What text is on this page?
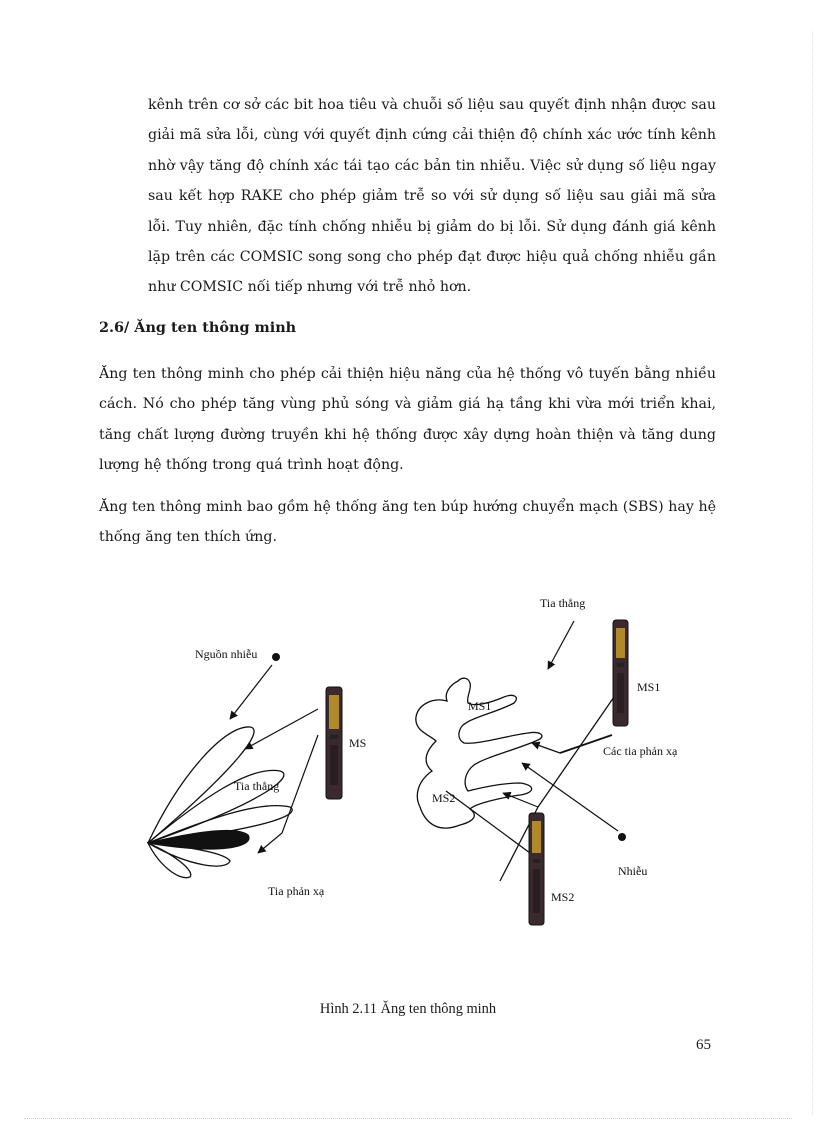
kênh trên cơ sở các bit hoa tiêu và chuỗi số liệu sau quyết định nhận được sau
giải mã sửa lỗi, cùng với quyết định cứng cải thiện độ chính xác ước tính kênh
nhờ vậy tăng độ chính xác tái tạo các bản tin nhiễu. Việc sử dụng số liệu ngay
sau kết hợp RAKE cho phép giảm trễ so với sử dụng số liệu sau giải mã sửa
lỗi. Tuy nhiên, đặc tính chống nhiễu bị giảm do bị lỗi. Sử dụng đánh giá kênh
lặp trên các COMSIC song song cho phép đạt được hiệu quả chống nhiễu gần
như COMSIC nối tiếp nhưng với trễ nhỏ hơn.
2.6/ Ăng ten thông minh
Ăng ten thông minh cho phép cải thiện hiệu năng của hệ thống vô tuyến bằng nhiều
cách. Nó cho phép tăng vùng phủ sóng và giảm giá hạ tầng khi vừa mới triển khai,
tăng chất lượng đường truyền khi hệ thống được xây dựng hoàn thiện và tăng dung
lượng hệ thống trong quá trình hoạt động.
Ăng ten thông minh bao gồm hệ thống ăng ten búp hướng chuyển mạch (SBS) hay hệ
thống ăng ten thích ứng.
Nguồn nhiễu
Tia thẳng
Tia phản xạ
MS
MS1
MS2
Tia thẳng
MS1
Các tia phản xạ
Nhiễu
MS2
Hình 2.11 Ăng ten thông minh
65
